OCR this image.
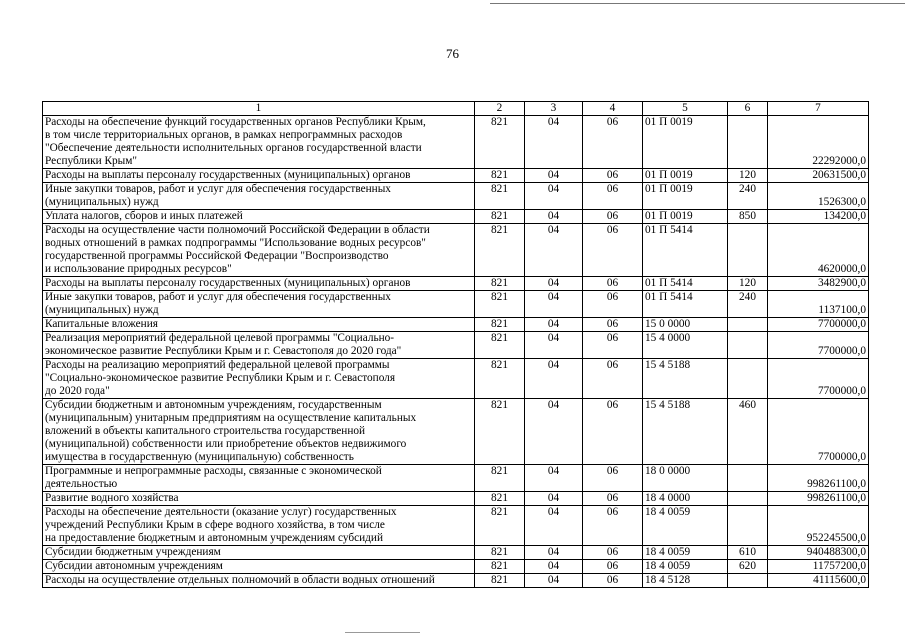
76
1	2	3	4	5	6	7
Расходы на обеспечение функций государственных органов Республики Крым,
в том числе территориальных органов, в рамках непрограммных расходов
"Обеспечение деятельности исполнительных органов государственной власти
Республики Крым"	821	04	06	01 П 0019		22292000,0
Расходы на выплаты персоналу государственных (муниципальных) органов	821	04	06	01 П 0019	120	20631500,0
Иные закупки товаров, работ и услуг для обеспечения государственных
(муниципальных) нужд	821	04	06	01 П 0019	240	1526300,0
Уплата налогов, сборов и иных платежей	821	04	06	01 П 0019	850	134200,0
Расходы на осуществление части полномочий Российской Федерации в области
водных отношений в рамках подпрограммы "Использование водных ресурсов"
государственной программы Российской Федерации "Воспроизводство
и использование природных ресурсов"	821	04	06	01 П 5414		4620000,0
Расходы на выплаты персоналу государственных (муниципальных) органов	821	04	06	01 П 5414	120	3482900,0
Иные закупки товаров, работ и услуг для обеспечения государственных
(муниципальных) нужд	821	04	06	01 П 5414	240	1137100,0
Капитальные вложения	821	04	06	15 0 0000		7700000,0
Реализация мероприятий федеральной целевой программы "Социально-
экономическое развитие Республики Крым и г. Севастополя до 2020 года"	821	04	06	15 4 0000		7700000,0
Расходы на реализацию мероприятий федеральной целевой программы
"Социально-экономическое развитие Республики Крым и г. Севастополя
до 2020 года"	821	04	06	15 4 5188		7700000,0
Субсидии бюджетным и автономным учреждениям, государственным
(муниципальным) унитарным предприятиям на осуществление капитальных
вложений в объекты капитального строительства государственной
(муниципальной) собственности или приобретение объектов недвижимого
имущества в государственную (муниципальную) собственность	821	04	06	15 4 5188	460	7700000,0
Программные и непрограммные расходы, связанные с экономической
деятельностью	821	04	06	18 0 0000		998261100,0
Развитие водного хозяйства	821	04	06	18 4 0000		998261100,0
Расходы на обеспечение деятельности (оказание услуг) государственных
учреждений Республики Крым в сфере водного хозяйства, в том числе
на предоставление бюджетным и автономным учреждениям субсидий	821	04	06	18 4 0059		952245500,0
Субсидии бюджетным учреждениям	821	04	06	18 4 0059	610	940488300,0
Субсидии автономным учреждениям	821	04	06	18 4 0059	620	11757200,0
Расходы на осуществление отдельных полномочий в области водных отношений	821	04	06	18 4 5128		41115600,0
